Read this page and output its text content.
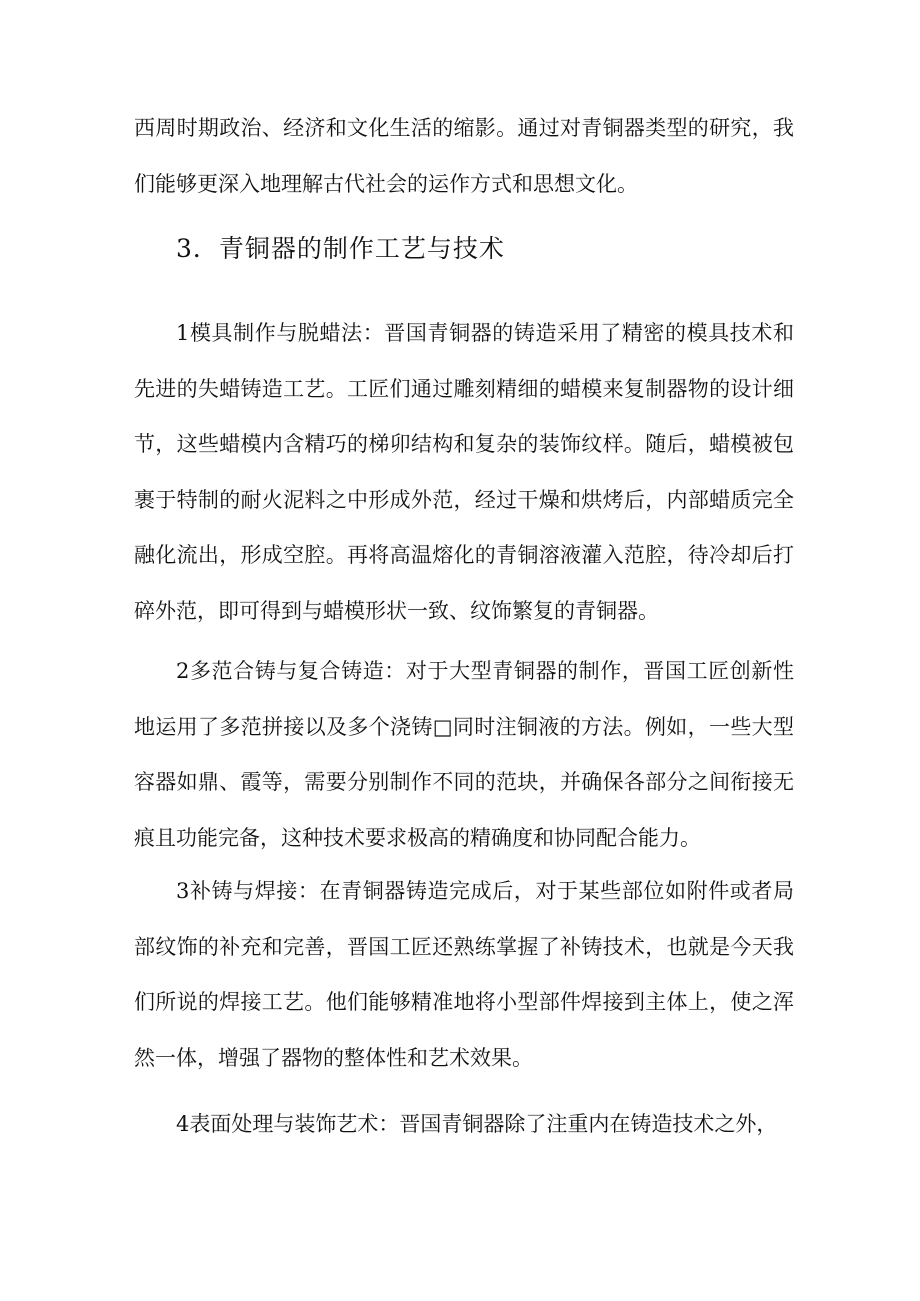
西周时期政治、经济和文化生活的缩影。通过对青铜器类型的研究，我们能够更深入地理解古代社会的运作方式和思想文化。

3．青铜器的制作工艺与技术

1模具制作与脱蜡法：晋国青铜器的铸造采用了精密的模具技术和先进的失蜡铸造工艺。工匠们通过雕刻精细的蜡模来复制器物的设计细节，这些蜡模内含精巧的梯卯结构和复杂的装饰纹样。随后，蜡模被包裹于特制的耐火泥料之中形成外范，经过干燥和烘烤后，内部蜡质完全融化流出，形成空腔。再将高温熔化的青铜溶液灌入范腔，待冷却后打碎外范，即可得到与蜡模形状一致、纹饰繁复的青铜器。

2多范合铸与复合铸造：对于大型青铜器的制作，晋国工匠创新性地运用了多范拼接以及多个浇铸□同时注铜液的方法。例如，一些大型容器如鼎、霞等，需要分别制作不同的范块，并确保各部分之间衔接无痕且功能完备，这种技术要求极高的精确度和协同配合能力。

3补铸与焊接：在青铜器铸造完成后，对于某些部位如附件或者局部纹饰的补充和完善，晋国工匠还熟练掌握了补铸技术，也就是今天我们所说的焊接工艺。他们能够精准地将小型部件焊接到主体上，使之浑然一体，增强了器物的整体性和艺术效果。

4表面处理与装饰艺术：晋国青铜器除了注重内在铸造技术之外，
